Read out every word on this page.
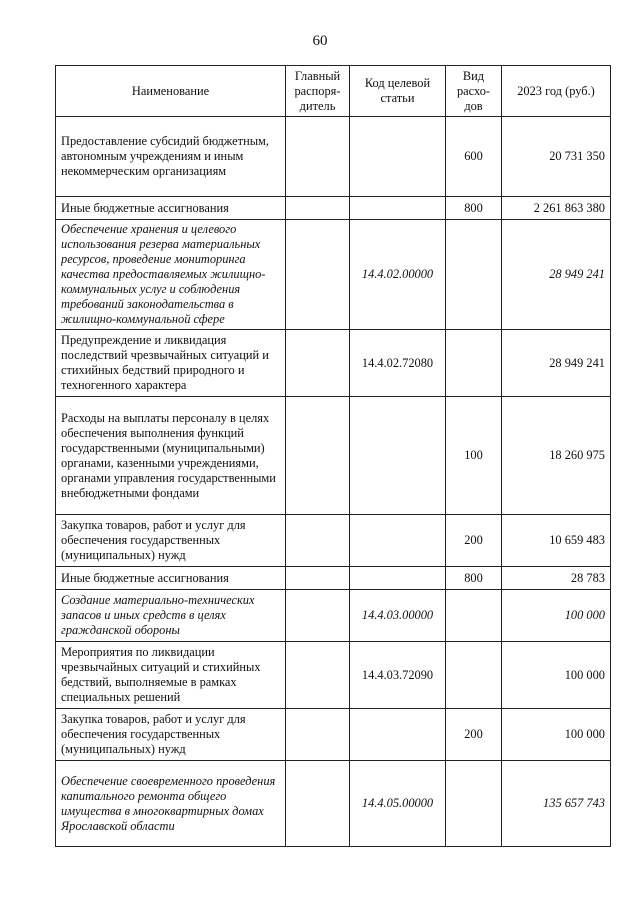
60
Наименование	Главный распоря-дитель	Код целевой статьи	Вид расхо-дов	2023 год (руб.)
Предоставление субсидий бюджетным, автономным учреждениям и иным некоммерческим организациям			600	20 731 350
Иные бюджетные ассигнования			800	2 261 863 380
Обеспечение хранения и целевого использования резерва материальных ресурсов, проведение мониторинга качества предоставляемых жилищно-коммунальных услуг и соблюдения требований законодательства в жилищно-коммунальной сфере		14.4.02.00000		28 949 241
Предупреждение и ликвидация последствий чрезвычайных ситуаций и стихийных бедствий природного и техногенного характера		14.4.02.72080		28 949 241
Расходы на выплаты персоналу в целях обеспечения выполнения функций государственными (муниципальными) органами, казенными учреждениями, органами управления государственными внебюджетными фондами			100	18 260 975
Закупка товаров, работ и услуг для обеспечения государственных (муниципальных) нужд			200	10 659 483
Иные бюджетные ассигнования			800	28 783
Создание материально-технических запасов и иных средств в целях гражданской обороны		14.4.03.00000		100 000
Мероприятия по ликвидации чрезвычайных ситуаций и стихийных бедствий, выполняемые в рамках специальных решений		14.4.03.72090		100 000
Закупка товаров, работ и услуг для обеспечения государственных (муниципальных) нужд			200	100 000
Обеспечение своевременного проведения капитального ремонта общего имущества в многоквартирных домах Ярославской области		14.4.05.00000		135 657 743
